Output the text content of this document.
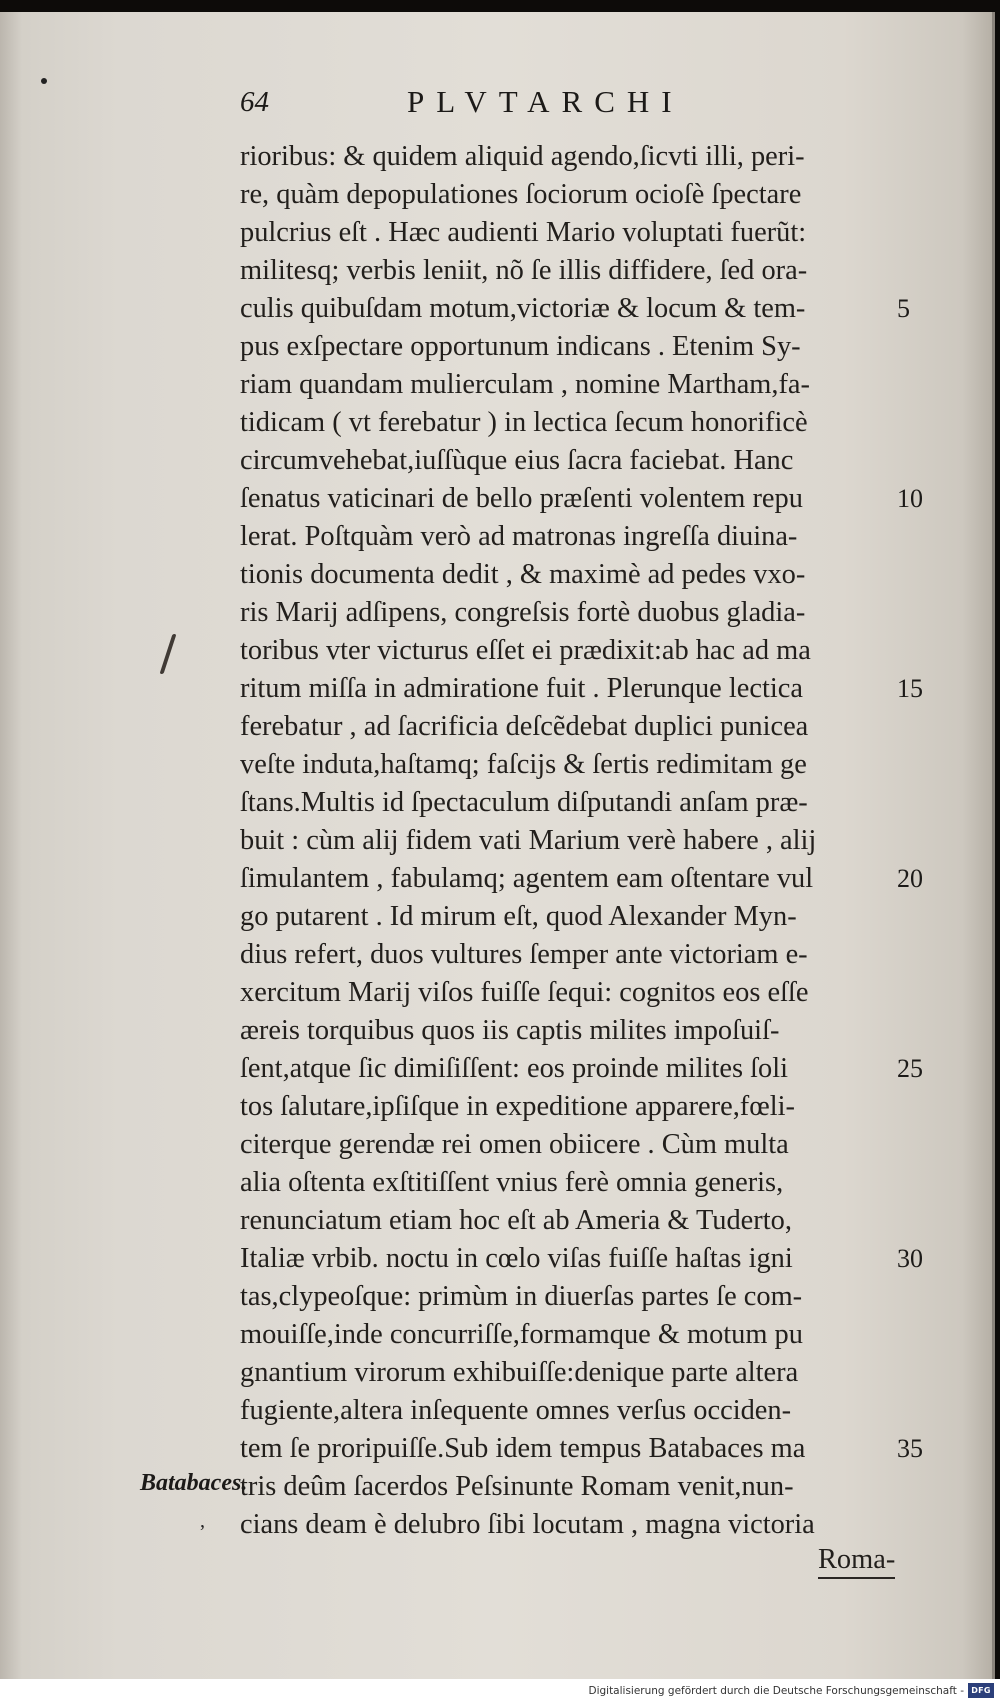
64	PLVTARCHI
rioribus: & quidem aliquid agendo,ſicvti illi, peri-
re, quàm depopulationes ſociorum ocioſè ſpectare
pulcrius eſt . Hæc audienti Mario voluptati fuerũt:
militesq; verbis leniit, nõ ſe illis diffidere, ſed ora-
culis quibuſdam motum,victoriæ & locum & tem-
pus exſpectare opportunum indicans . Etenim Sy-
riam quandam mulierculam , nomine Martham,fa-
tidicam ( vt ferebatur ) in lectica ſecum honorificè
circumvehebat,iuſſùque eius ſacra faciebat. Hanc
ſenatus vaticinari de bello præſenti volentem repu
lerat. Poſtquàm verò ad matronas ingreſſa diuina-
tionis documenta dedit , & maximè ad pedes vxo-
ris Marij adſipens, congreſsis fortè duobus gladia-
toribus vter victurus eſſet ei prædixit:ab hac ad ma
ritum miſſa in admiratione fuit . Plerunque lectica
ferebatur , ad ſacrificia deſcẽdebat duplici punicea
veſte induta,haſtamq; faſcijs & ſertis redimitam ge
ſtans.Multis id ſpectaculum diſputandi anſam præ-
buit : cùm alij fidem vati Marium verè habere , alij
ſimulantem , fabulamq; agentem eam oſtentare vul
go putarent . Id mirum eſt, quod Alexander Myn-
dius refert, duos vultures ſemper ante victoriam e-
xercitum Marij viſos fuiſſe ſequi: cognitos eos eſſe
æreis torquibus quos iis captis milites impoſuiſ-
ſent,atque ſic dimiſiſſent: eos proinde milites ſoli
tos ſalutare,ipſiſque in expeditione apparere,fœli-
citerque gerendæ rei omen obiicere . Cùm multa
alia oſtenta exſtitiſſent vnius ferè omnia generis,
renunciatum etiam hoc eſt ab Ameria & Tuderto,
Italiæ vrbib. noctu in cœlo viſas fuiſſe haſtas igni
tas,clypeoſque: primùm in diuerſas partes ſe com-
mouiſſe,inde concurriſſe,formamque & motum pu
gnantium virorum exhibuiſſe:denique parte altera
fugiente,altera inſequente omnes verſus occiden-
tem ſe proripuiſſe.Sub idem tempus Batabaces ma
tris deûm ſacerdos Peſsinunte Romam venit,nun-
cians deam è delubro ſibi locutam , magna victoria
5
10
15
20
25
30
35
Batabaces.
,
Roma-
Digitalisierung gefördert durch die Deutsche Forschungsgemeinschaft - DFG
